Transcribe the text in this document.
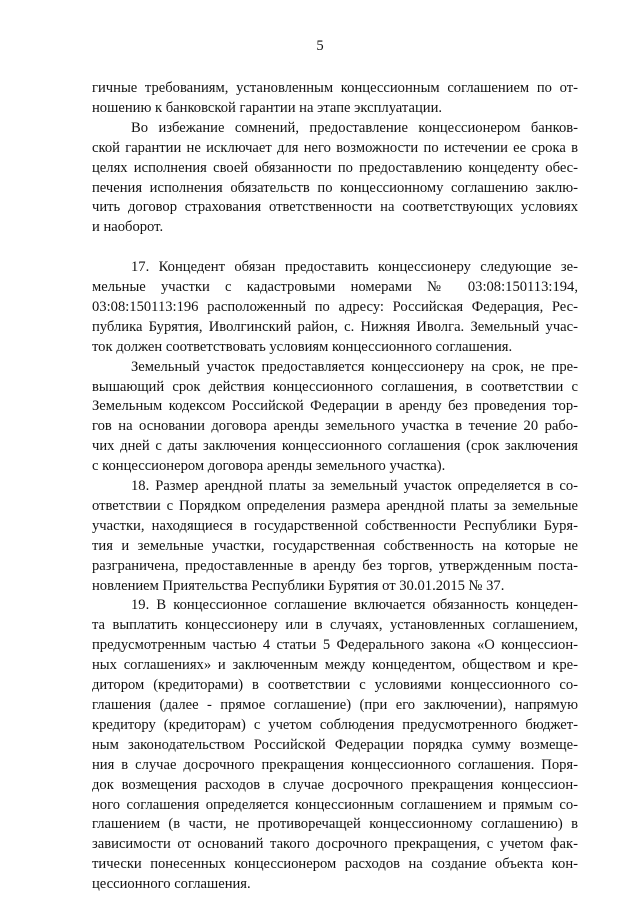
5
гичные требованиям, установленным концессионным соглашением по от-
ношению к банковской гарантии на этапе эксплуатации.
Во избежание сомнений, предоставление концессионером банков-
ской гарантии не исключает для него возможности по истечении ее срока в
целях исполнения своей обязанности по предоставлению концеденту обес-
печения исполнения обязательств по концессионному соглашению заклю-
чить договор страхования ответственности на соответствующих условиях
и наоборот.
17. Концедент обязан предоставить концессионеру следующие зе-
мельные участки с кадастровыми номерами № 03:08:150113:194,
03:08:150113:196 расположенный по адресу: Российская Федерация, Рес-
публика Бурятия, Иволгинский район, с. Нижняя Иволга. Земельный учас-
ток должен соответствовать условиям концессионного соглашения.
Земельный участок предоставляется концессионеру на срок, не пре-
вышающий срок действия концессионного соглашения, в соответствии с
Земельным кодексом Российской Федерации в аренду без проведения тор-
гов на основании договора аренды земельного участка в течение 20 рабо-
чих дней с даты заключения концессионного соглашения (срок заключения
с концессионером договора аренды земельного участка).
18. Размер арендной платы за земельный участок определяется в со-
ответствии с Порядком определения размера арендной платы за земельные
участки, находящиеся в государственной собственности Республики Буря-
тия и земельные участки, государственная собственность на которые не
разграничена, предоставленные в аренду без торгов, утвержденным поста-
новлением Приятельства Республики Бурятия от 30.01.2015 № 37.
19. В концессионное соглашение включается обязанность концеден-
та выплатить концессионеру или в случаях, установленных соглашением,
предусмотренным частью 4 статьи 5 Федерального закона «О концессион-
ных соглашениях» и заключенным между концедентом, обществом и кре-
дитором (кредиторами) в соответствии с условиями концессионного со-
глашения (далее - прямое соглашение) (при его заключении), напрямую
кредитору (кредиторам) с учетом соблюдения предусмотренного бюджет-
ным законодательством Российской Федерации порядка сумму возмеще-
ния в случае досрочного прекращения концессионного соглашения. Поря-
док возмещения расходов в случае досрочного прекращения концессион-
ного соглашения определяется концессионным соглашением и прямым со-
глашением (в части, не противоречащей концессионному соглашению) в
зависимости от оснований такого досрочного прекращения, с учетом фак-
тически понесенных концессионером расходов на создание объекта кон-
цессионного соглашения.
